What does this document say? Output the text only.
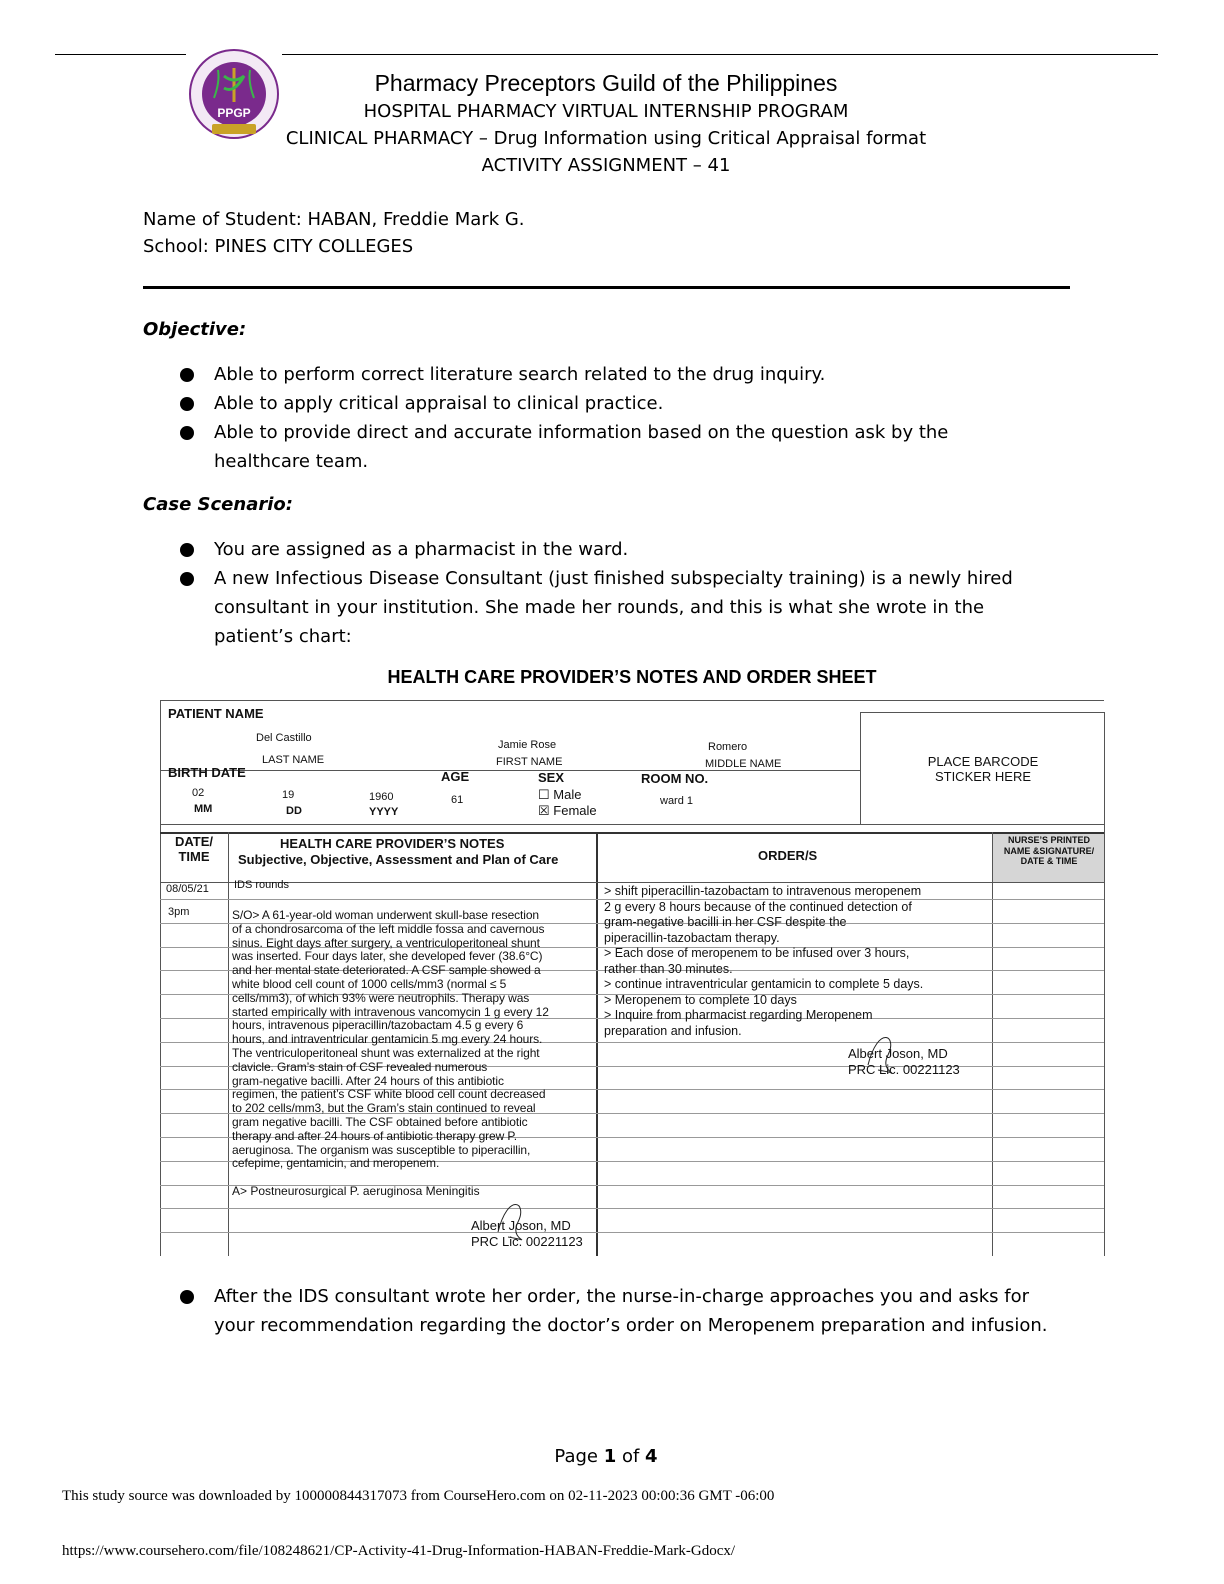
PPGP
Pharmacy Preceptors Guild of the Philippines
HOSPITAL PHARMACY VIRTUAL INTERNSHIP PROGRAM
CLINICAL PHARMACY – Drug Information using Critical Appraisal format
ACTIVITY ASSIGNMENT – 41
Name of Student: HABAN, Freddie Mark G.
School: PINES CITY COLLEGES
Objective:
Able to perform correct literature search related to the drug inquiry.
Able to apply critical appraisal to clinical practice.
Able to provide direct and accurate information based on the question ask by the healthcare team.
Case Scenario:
You are assigned as a pharmacist in the ward.
A new Infectious Disease Consultant (just finished subspecialty training) is a newly hired consultant in your institution. She made her rounds, and this is what she wrote in the patient’s chart:
HEALTH CARE PROVIDER’S NOTES AND ORDER SHEET
PATIENT NAME
Del Castillo
LAST NAME
Jamie Rose
FIRST NAME
Romero
MIDDLE NAME	PLACE BARCODE STICKER HERE
BIRTH DATE
02
MM
19
DD
1960
YYYY
AGE
61
SEX
☐ Male
☒ Female
ROOM NO.
ward 1
DATE/ TIME
HEALTH CARE PROVIDER’S NOTES
Subjective, Objective, Assessment and Plan of Care	ORDER/S
NURSE’S PRINTED NAME &SIGNATURE/ DATE & TIME
08/05/21
3pm
IDS rounds
S/O> A 61-year-old woman underwent skull-base resection
of a chondrosarcoma of the left middle fossa and cavernous
sinus. Eight days after surgery, a ventriculoperitoneal shunt
was inserted. Four days later, she developed fever (38.6°C)
and her mental state deteriorated. A CSF sample showed a
white blood cell count of 1000 cells/mm3 (normal ≤ 5
cells/mm3), of which 93% were neutrophils. Therapy was
started empirically with intravenous vancomycin 1 g every 12
hours, intravenous piperacillin/tazobactam 4.5 g every 6
hours, and intraventricular gentamicin 5 mg every 24 hours.
The ventriculoperitoneal shunt was externalized at the right
clavicle. Gram’s stain of CSF revealed numerous
gram-negative bacilli. After 24 hours of this antibiotic
regimen, the patient’s CSF white blood cell count decreased
to 202 cells/mm3, but the Gram’s stain continued to reveal
gram negative bacilli. The CSF obtained before antibiotic
therapy and after 24 hours of antibiotic therapy grew P.
aeruginosa. The organism was susceptible to piperacillin,
cefepime, gentamicin, and meropenem.
A> Postneurosurgical P. aeruginosa Meningitis
Albert Joson, MD
PRC Lic. 00221123
> shift piperacillin-tazobactam to intravenous meropenem
2 g every 8 hours because of the continued detection of
gram-negative bacilli in her CSF despite the
piperacillin-tazobactam therapy.
> Each dose of meropenem to be infused over 3 hours,
rather than 30 minutes.
> continue intraventricular gentamicin to complete 5 days.
> Meropenem to complete 10 days
> Inquire from pharmacist regarding Meropenem
preparation and infusion.
Albert Joson, MD
PRC Lic. 00221123
After the IDS consultant wrote her order, the nurse-in-charge approaches you and asks for your recommendation regarding the doctor’s order on Meropenem preparation and infusion.
Page 1 of 4
This study source was downloaded by 100000844317073 from CourseHero.com on 02-11-2023 00:00:36 GMT -06:00
https://www.coursehero.com/file/108248621/CP-Activity-41-Drug-Information-HABAN-Freddie-Mark-Gdocx/
